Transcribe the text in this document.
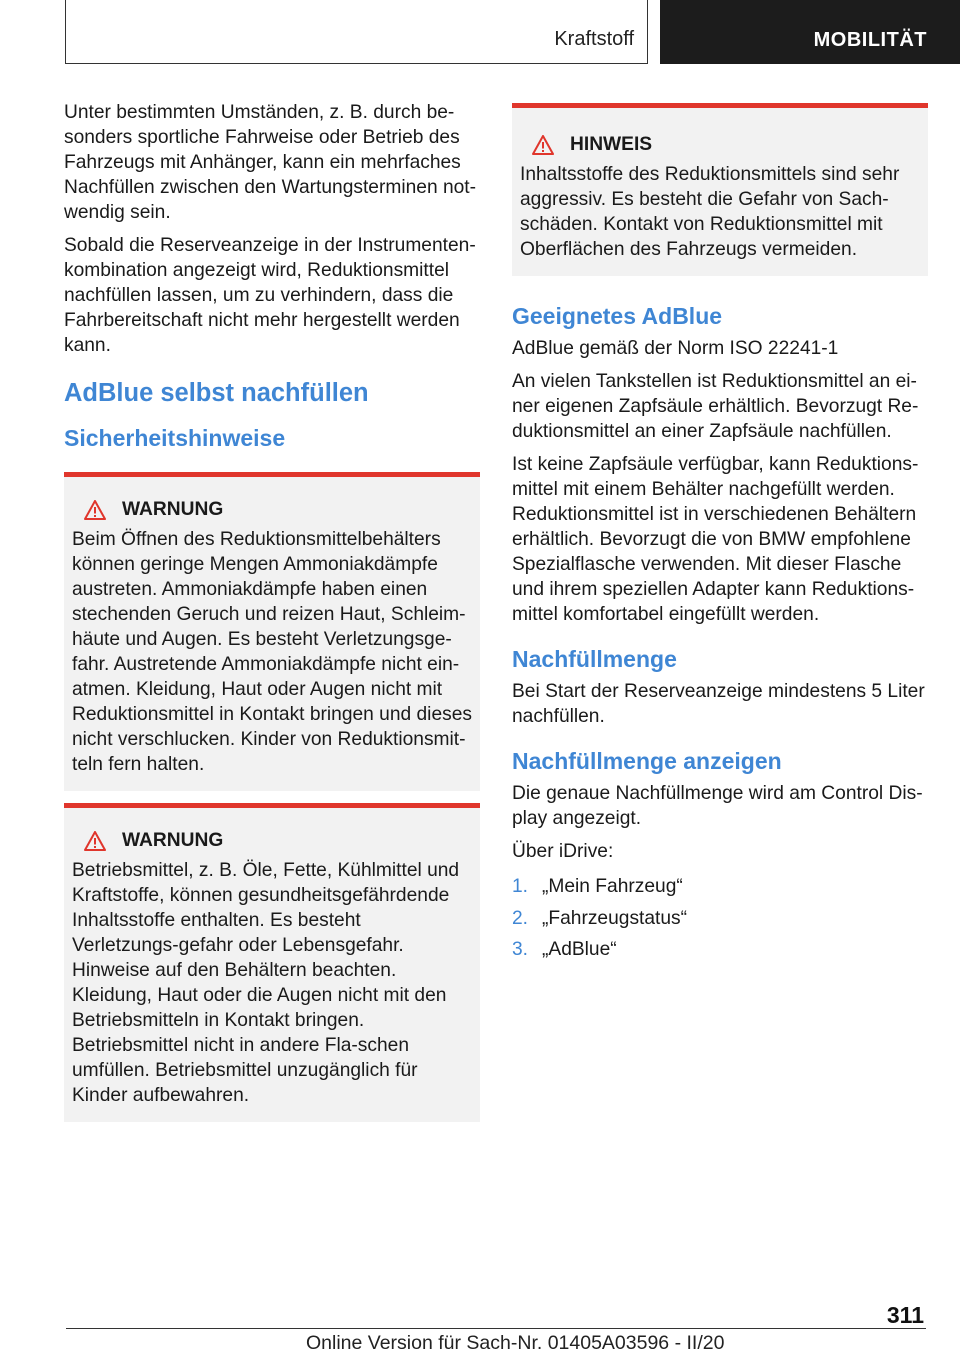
Kraftstoff	MOBILITÄT

Unter bestimmten Umständen, z. B. durch be-sonders sportliche Fahrweise oder Betrieb des Fahrzeugs mit Anhänger, kann ein mehrfaches Nachfüllen zwischen den Wartungsterminen not-wendig sein.

Sobald die Reserveanzeige in der Instrumenten-kombination angezeigt wird, Reduktionsmittel nachfüllen lassen, um zu verhindern, dass die Fahrbereitschaft nicht mehr hergestellt werden kann.

AdBlue selbst nachfüllen
Sicherheitshinweise
WARNUNG

Beim Öffnen des Reduktionsmittelbehälters können geringe Mengen Ammoniakdämpfe austreten. Ammoniakdämpfe haben einen stechenden Geruch und reizen Haut, Schleim-häute und Augen. Es besteht Verletzungsge-fahr. Austretende Ammoniakdämpfe nicht ein-atmen. Kleidung, Haut oder Augen nicht mit Reduktionsmittel in Kontakt bringen und dieses nicht verschlucken. Kinder von Reduktionsmit-teln fern halten.

WARNUNG

Betriebsmittel, z. B. Öle, Fette, Kühlmittel und Kraftstoffe, können gesundheitsgefährdende Inhaltsstoffe enthalten. Es besteht Verletzungs-gefahr oder Lebensgefahr. Hinweise auf den Behältern beachten. Kleidung, Haut oder die Augen nicht mit den Betriebsmitteln in Kontakt bringen. Betriebsmittel nicht in andere Fla-schen umfüllen. Betriebsmittel unzugänglich für Kinder aufbewahren.

HINWEIS

Inhaltsstoffe des Reduktionsmittels sind sehr aggressiv. Es besteht die Gefahr von Sach-schäden. Kontakt von Reduktionsmittel mit Oberflächen des Fahrzeugs vermeiden.

Geeignetes AdBlue

AdBlue gemäß der Norm ISO 22241-1

An vielen Tankstellen ist Reduktionsmittel an ei-ner eigenen Zapfsäule erhältlich. Bevorzugt Re-duktionsmittel an einer Zapfsäule nachfüllen.

Ist keine Zapfsäule verfügbar, kann Reduktions-mittel mit einem Behälter nachgefüllt werden. Reduktionsmittel ist in verschiedenen Behältern erhältlich. Bevorzugt die von BMW empfohlene Spezialflasche verwenden. Mit dieser Flasche und ihrem speziellen Adapter kann Reduktions-mittel komfortabel eingefüllt werden.

Nachfüllmenge

Bei Start der Reserveanzeige mindestens 5 Liter nachfüllen.

Nachfüllmenge anzeigen

Die genaue Nachfüllmenge wird am Control Dis-play angezeigt.

Über iDrive:

1. „Mein Fahrzeug“
2. „Fahrzeugstatus“
3. „AdBlue“
311
Online Version für Sach-Nr. 01405A03596 - II/20
